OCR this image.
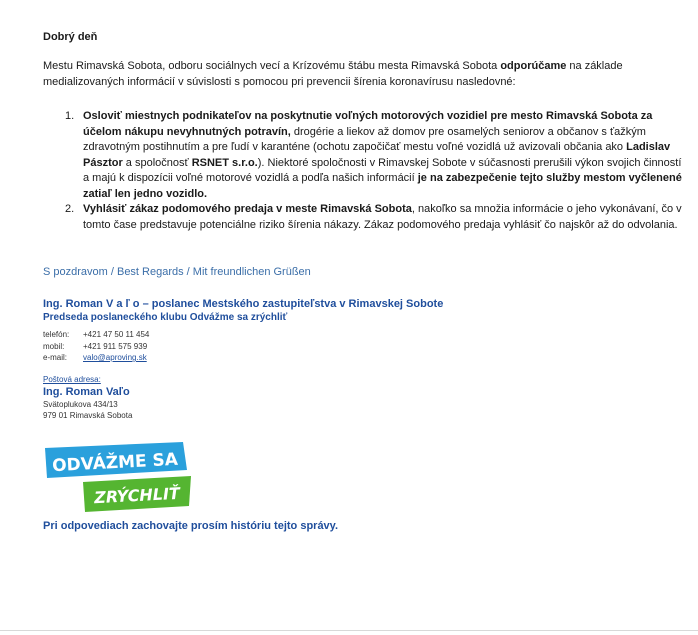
Dobrý deň
Mestu Rimavská Sobota, odboru sociálnych vecí a Krízovému štábu mesta Rimavská Sobota odporúčame na základe medializovaných informácií v súvislosti s pomocou pri prevencii šírenia koronavírusu nasledovné:
1. Osloviť miestnych podnikateľov na poskytnutie voľných motorových vozidiel pre mesto Rimavská Sobota za účelom nákupu nevyhnutných potravín, drogérie a liekov až domov pre osamelých seniorov a občanov s ťažkým zdravotným postihnutím a pre ľudí v karanténe (ochotu započičať mestu voľné vozidlá už avizovali občania ako Ladislav Pásztor a spoločnosť RSNET s.r.o.). Niektoré spoločnosti v Rimavskej Sobote v súčasnosti prerušili výkon svojich činností a majú k dispozícii voľné motorové vozidlá a podľa našich informácií je na zabezpečenie tejto služby mestom vyčlenené zatiaľ len jedno vozidlo.
2. Vyhlásiť zákaz podomového predaja v meste Rimavská Sobota, nakoľko sa množia informácie o jeho vykonávaní, čo v tomto čase predstavuje potenciálne riziko šírenia nákazy. Zákaz podomového predaja vyhlásiť čo najskôr až do odvolania.
S pozdravom / Best Regards / Mit freundlichen Grüßen
Ing. Roman V a ľ o – poslanec Mestského zastupiteľstva v Rimavskej Sobote
Predseda poslaneckého klubu Odvážme sa zrýchliť
telefón: +421 47 50 11 454
mobil: +421 911 575 939
e-mail: valo@aproving.sk
Poštová adresa:
Ing. Roman Vaľo
Svätoplukova 434/13
979 01 Rimavská Sobota
ODVÁŽME SA
ZRÝCHLIŤ
Pri odpovediach zachovajte prosím históriu tejto správy.
